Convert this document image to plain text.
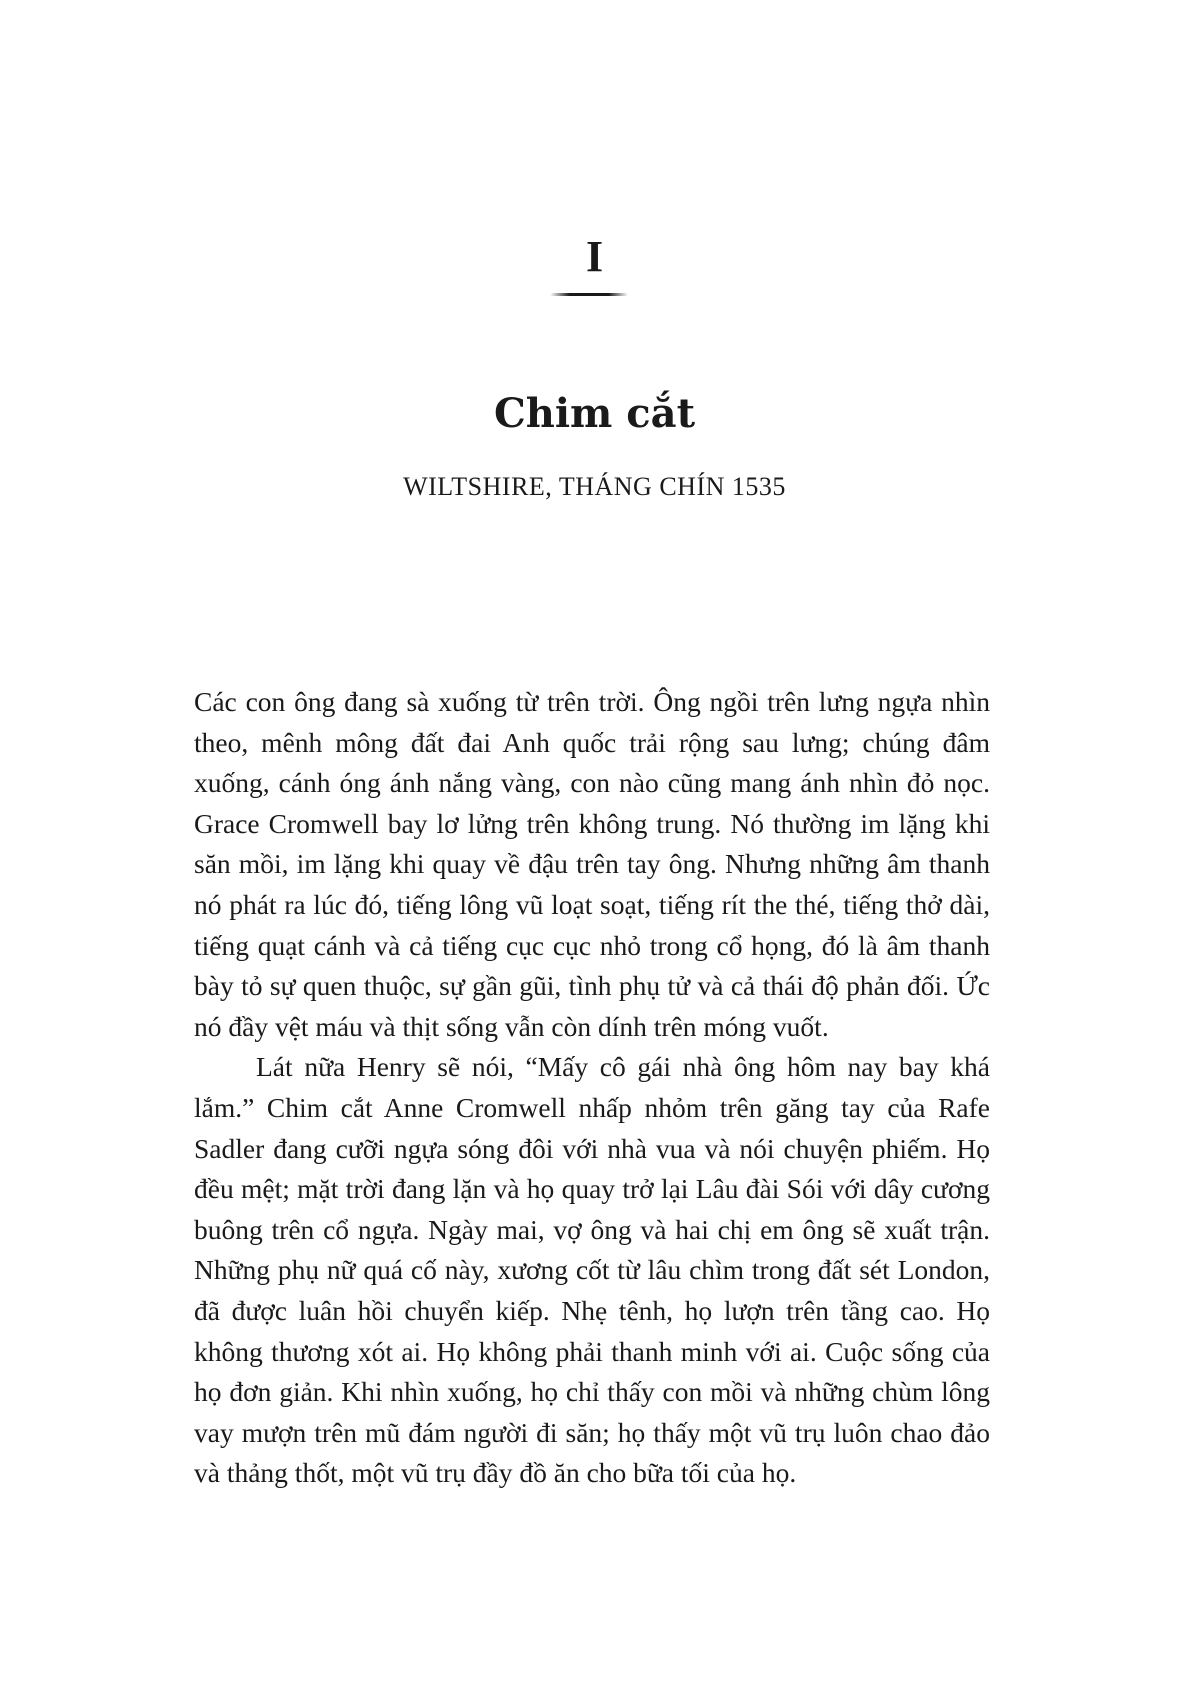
I
Chim cắt
WILTSHIRE, THÁNG CHÍN 1535

Các con ông đang sà xuống từ trên trời. Ông ngồi trên lưng ngựa nhìn theo, mênh mông đất đai Anh quốc trải rộng sau lưng; chúng đâm xuống, cánh óng ánh nắng vàng, con nào cũng mang ánh nhìn đỏ nọc. Grace Cromwell bay lơ lửng trên không trung. Nó thường im lặng khi săn mồi, im lặng khi quay về đậu trên tay ông. Nhưng những âm thanh nó phát ra lúc đó, tiếng lông vũ loạt soạt, tiếng rít the thé, tiếng thở dài, tiếng quạt cánh và cả tiếng cục cục nhỏ trong cổ họng, đó là âm thanh bày tỏ sự quen thuộc, sự gần gũi, tình phụ tử và cả thái độ phản đối. Ức nó đầy vệt máu và thịt sống vẫn còn dính trên móng vuốt.

Lát nữa Henry sẽ nói, “Mấy cô gái nhà ông hôm nay bay khá lắm.” Chim cắt Anne Cromwell nhấp nhỏm trên găng tay của Rafe Sadler đang cưỡi ngựa sóng đôi với nhà vua và nói chuyện phiếm. Họ đều mệt; mặt trời đang lặn và họ quay trở lại Lâu đài Sói với dây cương buông trên cổ ngựa. Ngày mai, vợ ông và hai chị em ông sẽ xuất trận. Những phụ nữ quá cố này, xương cốt từ lâu chìm trong đất sét London, đã được luân hồi chuyển kiếp. Nhẹ tênh, họ lượn trên tầng cao. Họ không thương xót ai. Họ không phải thanh minh với ai. Cuộc sống của họ đơn giản. Khi nhìn xuống, họ chỉ thấy con mồi và những chùm lông vay mượn trên mũ đám người đi săn; họ thấy một vũ trụ luôn chao đảo và thảng thốt, một vũ trụ đầy đồ ăn cho bữa tối của họ.
